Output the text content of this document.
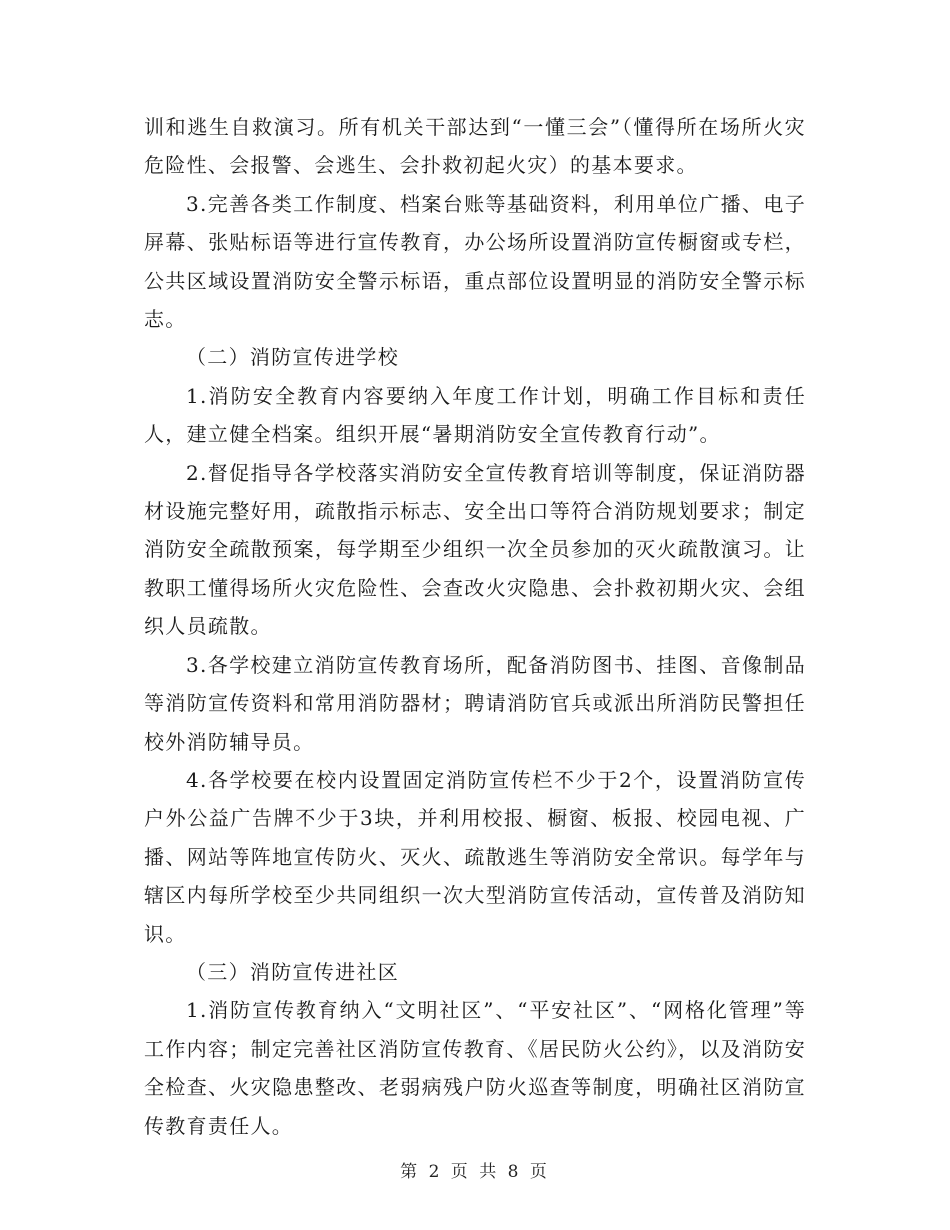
训和逃生自救演习。所有机关干部达到“一懂三会”（懂得所在场所火灾危险性、会报警、会逃生、会扑救初起火灾）的基本要求。

3.完善各类工作制度、档案台账等基础资料，利用单位广播、电子屏幕、张贴标语等进行宣传教育，办公场所设置消防宣传橱窗或专栏，公共区域设置消防安全警示标语，重点部位设置明显的消防安全警示标志。

（二）消防宣传进学校

1.消防安全教育内容要纳入年度工作计划，明确工作目标和责任人，建立健全档案。组织开展“暑期消防安全宣传教育行动”。

2.督促指导各学校落实消防安全宣传教育培训等制度，保证消防器材设施完整好用，疏散指示标志、安全出口等符合消防规划要求；制定消防安全疏散预案，每学期至少组织一次全员参加的灭火疏散演习。让教职工懂得场所火灾危险性、会查改火灾隐患、会扑救初期火灾、会组织人员疏散。

3.各学校建立消防宣传教育场所，配备消防图书、挂图、音像制品等消防宣传资料和常用消防器材；聘请消防官兵或派出所消防民警担任校外消防辅导员。

4.各学校要在校内设置固定消防宣传栏不少于2个，设置消防宣传户外公益广告牌不少于3块，并利用校报、橱窗、板报、校园电视、广播、网站等阵地宣传防火、灭火、疏散逃生等消防安全常识。每学年与辖区内每所学校至少共同组织一次大型消防宣传活动，宣传普及消防知识。

（三）消防宣传进社区

1.消防宣传教育纳入“文明社区”、“平安社区”、“网格化管理”等工作内容；制定完善社区消防宣传教育、《居民防火公约》，以及消防安全检查、火灾隐患整改、老弱病残户防火巡查等制度，明确社区消防宣传教育责任人。

第 2 页 共 8 页
